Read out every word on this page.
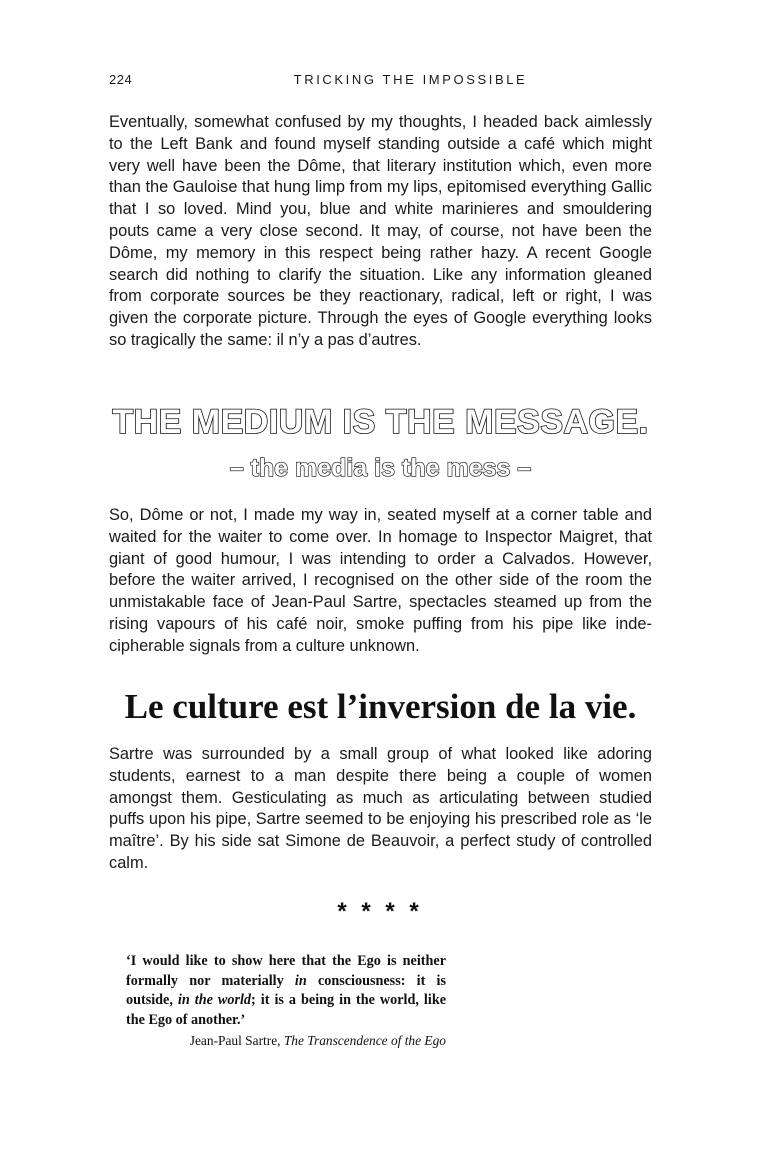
224	TRICKING THE IMPOSSIBLE

Eventually, somewhat confused by my thoughts, I headed back aimlessly to the Left Bank and found myself standing outside a café which might very well have been the Dôme, that literary institution which, even more than the Gauloise that hung limp from my lips, epitomised everything Gallic that I so loved. Mind you, blue and white marinieres and smouldering pouts came a very close second. It may, of course, not have been the Dôme, my memory in this respect being rather hazy. A recent Google search did nothing to clarify the situation. Like any information gleaned from corporate sources be they reactionary, radical, left or right, I was given the corporate picture. Through the eyes of Google everything looks so tragically the same: il n’y a pas d’autres.

THE MEDIUM IS THE MESSAGE.

– the media is the mess –

So, Dôme or not, I made my way in, seated myself at a corner table and waited for the waiter to come over. In homage to Inspector Maigret, that giant of good humour, I was intending to order a Calvados. However, before the waiter arrived, I recognised on the other side of the room the unmistakable face of Jean-Paul Sartre, spectacles steamed up from the rising vapours of his café noir, smoke puffing from his pipe like indecipherable signals from a culture unknown.

Le culture est l’inversion de la vie.

Sartre was surrounded by a small group of what looked like adoring students, earnest to a man despite there being a couple of women amongst them. Gesticulating as much as articulating between studied puffs upon his pipe, Sartre seemed to be enjoying his prescribed role as ‘le maître’. By his side sat Simone de Beauvoir, a perfect study of controlled calm.

* * * *

‘I would like to show here that the Ego is neither formally nor materially in consciousness: it is outside, in the world; it is a being in the world, like the Ego of another.’

Jean-Paul Sartre, The Transcendence of the Ego
